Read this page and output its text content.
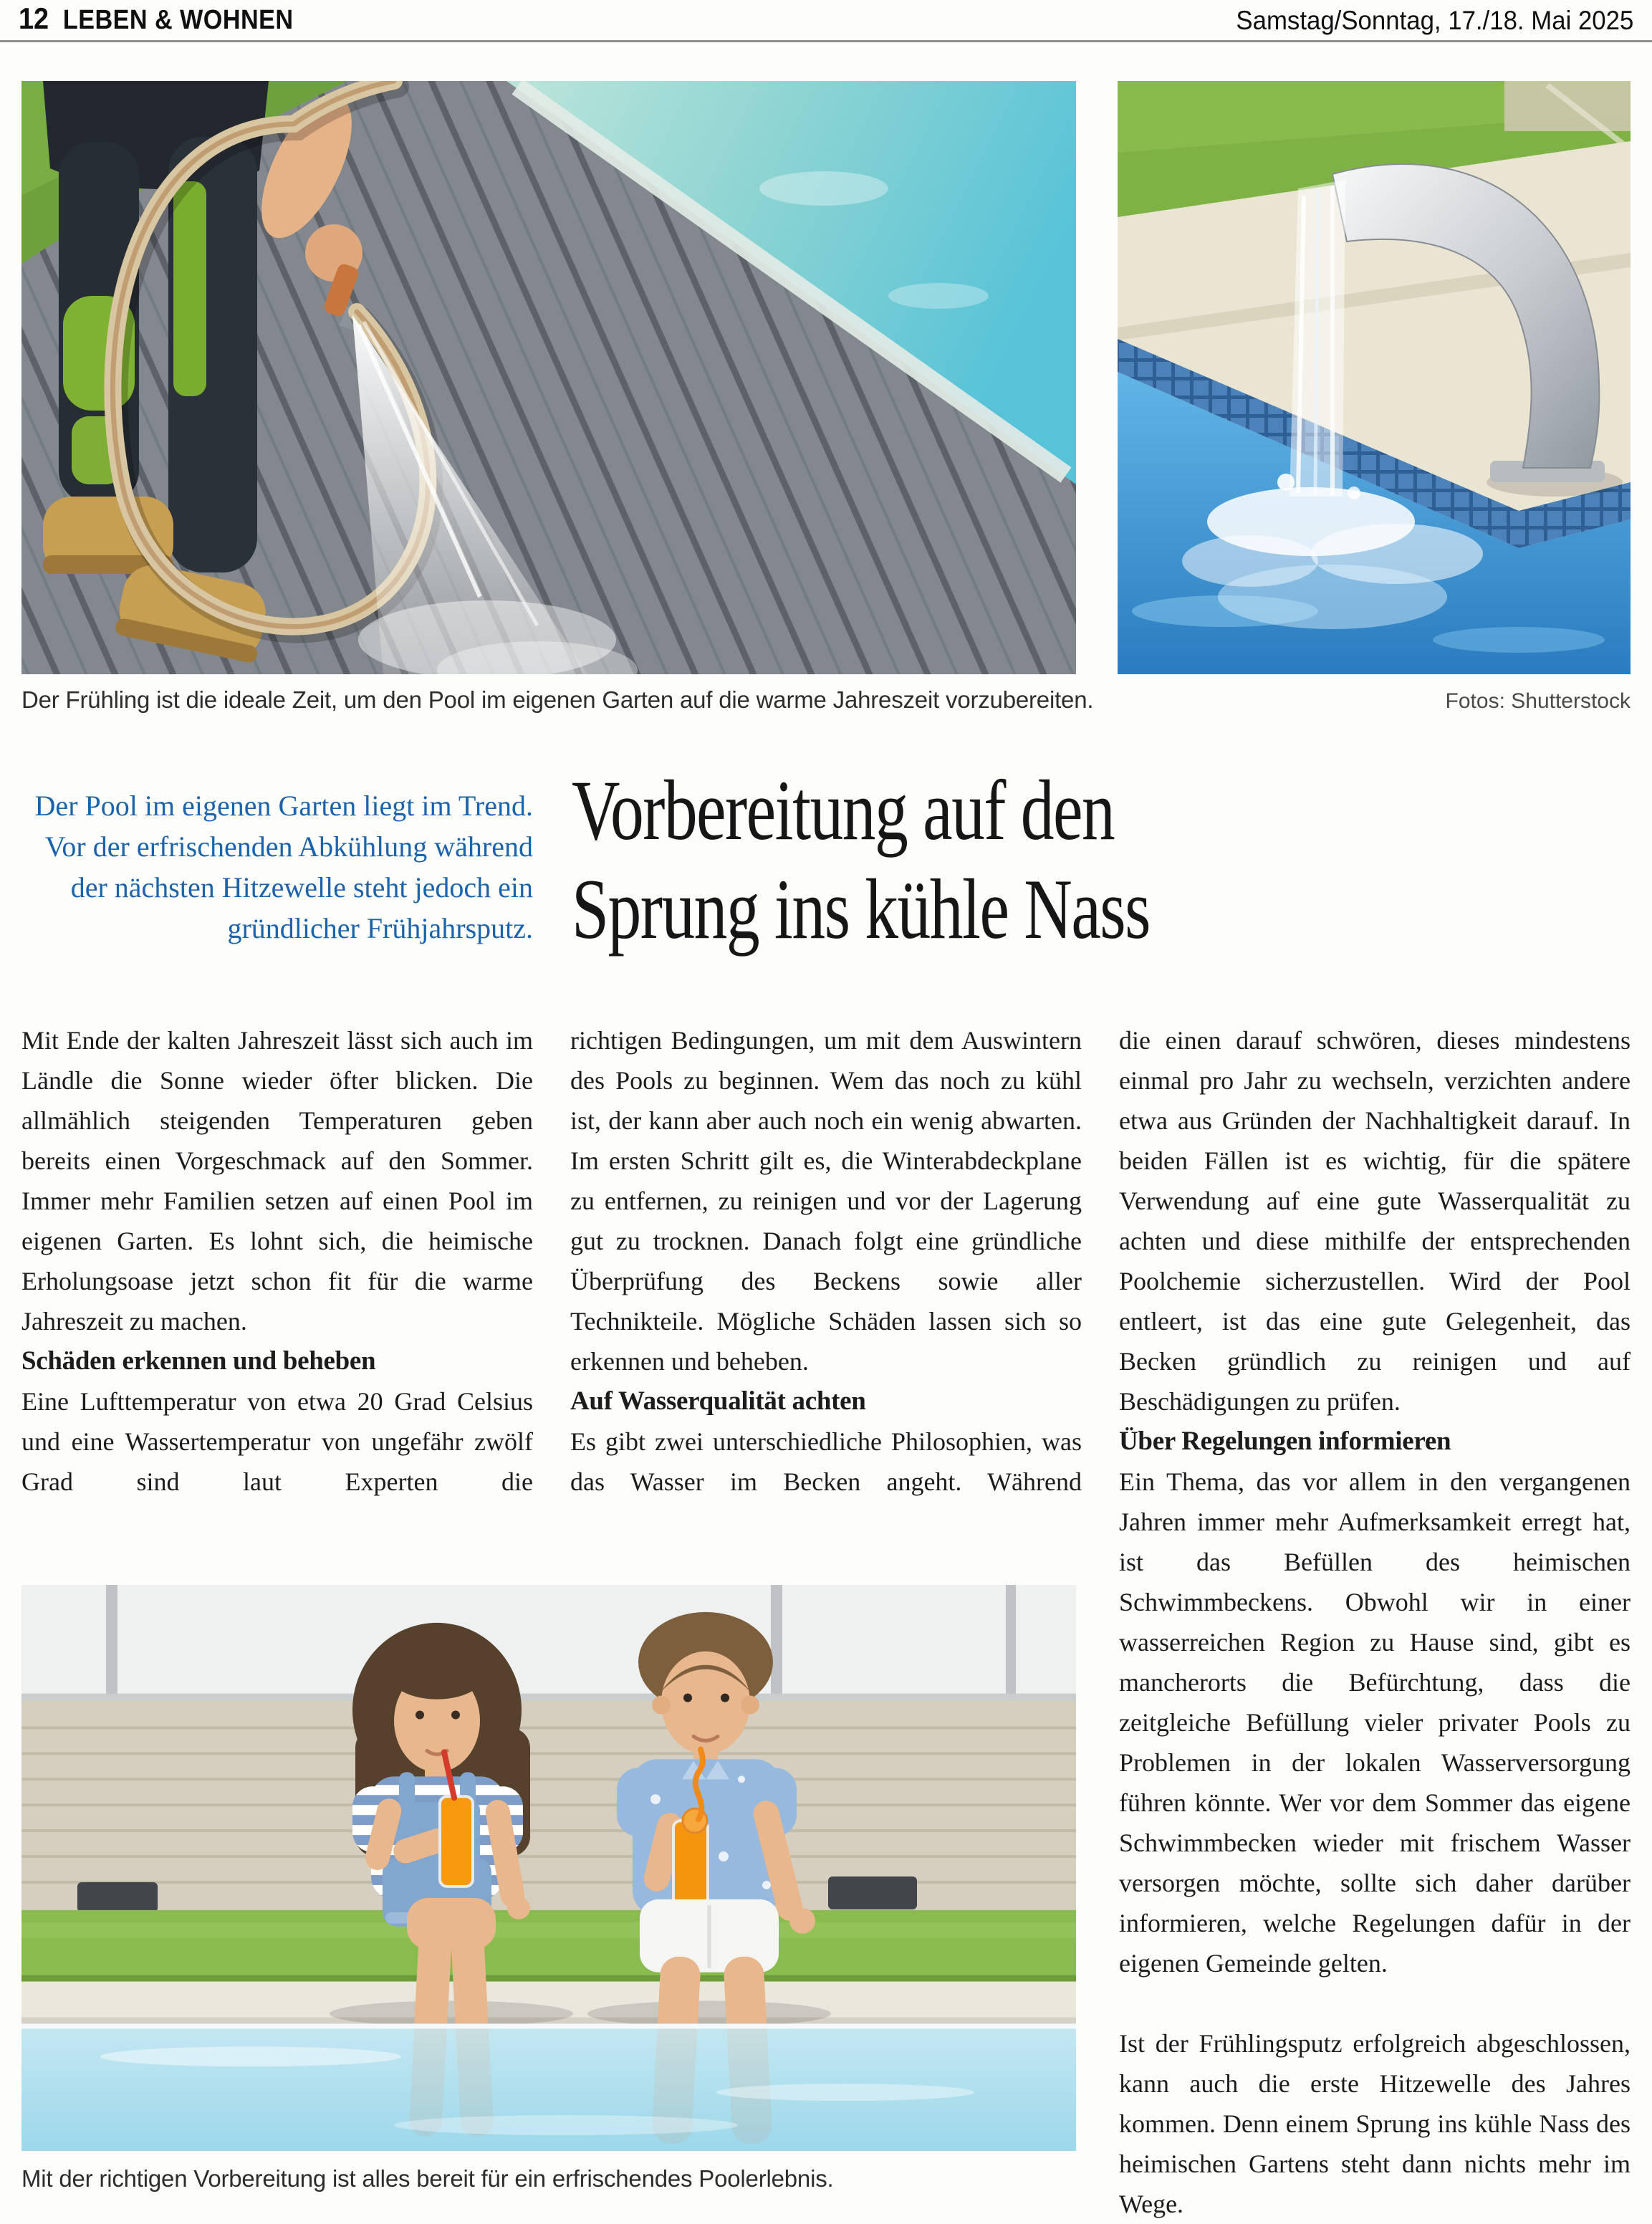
12 LEBEN & WOHNEN	Samstag/Sonntag, 17./18. Mai 2025
Der Frühling ist die ideale Zeit, um den Pool im eigenen Garten auf die warme Jahreszeit vorzubereiten.	Fotos: Shutterstock
Der Pool im eigenen Garten liegt im Trend. Vor der erfrischenden Abkühlung während der nächsten Hitzewelle steht jedoch ein gründlicher Frühjahrsputz.
Vorbereitung auf den
Sprung ins kühle Nass

Mit Ende der kalten Jahreszeit lässt sich auch im Ländle die Sonne wieder öfter blicken. Die allmählich steigenden Temperaturen geben bereits einen Vorgeschmack auf den Sommer. Immer mehr Familien setzen auf einen Pool im eigenen Garten. Es lohnt sich, die heimische Erholungsoase jetzt schon fit für die warme Jahreszeit zu machen.

Schäden erkennen und beheben

Eine Lufttemperatur von etwa 20 Grad Celsius und eine Wassertemperatur von ungefähr zwölf Grad sind laut Experten die

richtigen Bedingungen, um mit dem Auswintern des Pools zu beginnen. Wem das noch zu kühl ist, der kann aber auch noch ein wenig abwarten. Im ersten Schritt gilt es, die Winterabdeckplane zu entfernen, zu reinigen und vor der Lagerung gut zu trocknen. Danach folgt eine gründliche Überprüfung des Beckens sowie aller Technikteile. Mögliche Schäden lassen sich so erkennen und beheben.

Auf Wasserqualität achten

Es gibt zwei unterschiedliche Philosophien, was das Wasser im Becken angeht. Während

die einen darauf schwören, dieses mindestens einmal pro Jahr zu wechseln, verzichten andere etwa aus Gründen der Nachhaltigkeit darauf. In beiden Fällen ist es wichtig, für die spätere Verwendung auf eine gute Wasserqualität zu achten und diese mithilfe der entsprechenden Poolchemie sicherzustellen. Wird der Pool entleert, ist das eine gute Gelegenheit, das Becken gründlich zu reinigen und auf Beschädigungen zu prüfen.

Über Regelungen informieren

Ein Thema, das vor allem in den vergangenen Jahren immer mehr Aufmerksamkeit erregt hat, ist das Befüllen des heimischen Schwimmbeckens. Obwohl wir in einer wasserreichen Region zu Hause sind, gibt es mancherorts die Befürchtung, dass die zeitgleiche Befüllung vieler privater Pools zu Problemen in der lokalen Wasserversorgung führen könnte. Wer vor dem Sommer das eigene Schwimmbecken wieder mit frischem Wasser versorgen möchte, sollte sich daher darüber informieren, welche Regelungen dafür in der eigenen Gemeinde gelten.

Ist der Frühlingsputz erfolgreich abgeschlossen, kann auch die erste Hitzewelle des Jahres kommen. Denn einem Sprung ins kühle Nass des heimischen Gartens steht dann nichts mehr im Wege.

Mit der richtigen Vorbereitung ist alles bereit für ein erfrischendes Poolerlebnis.
